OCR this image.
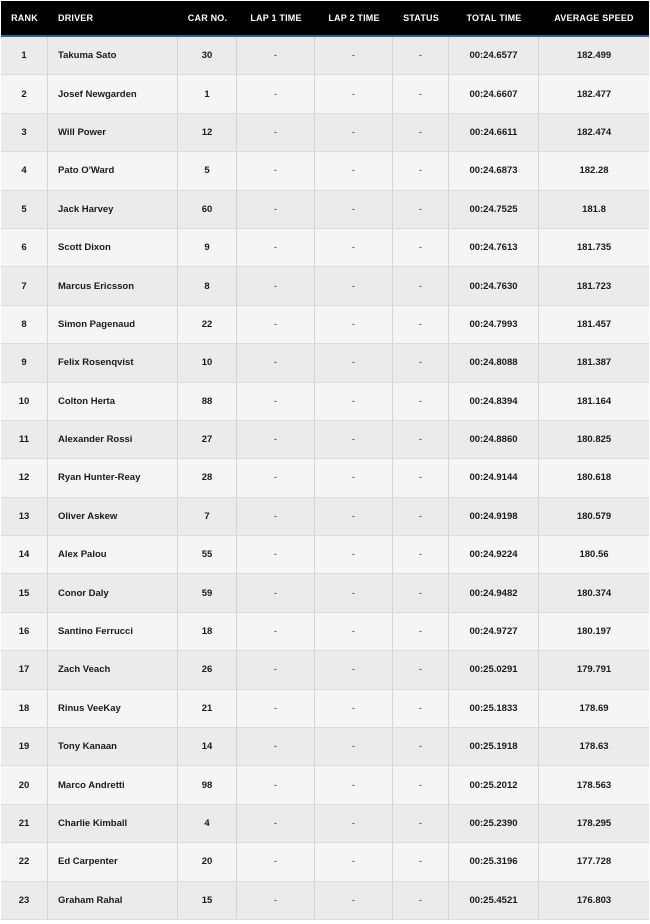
RANK	DRIVER	CAR NO.	LAP 1 TIME	LAP 2 TIME	STATUS	TOTAL TIME	AVERAGE SPEED
1	Takuma Sato	30	-	-	-	00:24.6577	182.499
2	Josef Newgarden	1	-	-	-	00:24.6607	182.477
3	Will Power	12	-	-	-	00:24.6611	182.474
4	Pato O'Ward	5	-	-	-	00:24.6873	182.28
5	Jack Harvey	60	-	-	-	00:24.7525	181.8
6	Scott Dixon	9	-	-	-	00:24.7613	181.735
7	Marcus Ericsson	8	-	-	-	00:24.7630	181.723
8	Simon Pagenaud	22	-	-	-	00:24.7993	181.457
9	Felix Rosenqvist	10	-	-	-	00:24.8088	181.387
10	Colton Herta	88	-	-	-	00:24.8394	181.164
11	Alexander Rossi	27	-	-	-	00:24.8860	180.825
12	Ryan Hunter-Reay	28	-	-	-	00:24.9144	180.618
13	Oliver Askew	7	-	-	-	00:24.9198	180.579
14	Alex Palou	55	-	-	-	00:24.9224	180.56
15	Conor Daly	59	-	-	-	00:24.9482	180.374
16	Santino Ferrucci	18	-	-	-	00:24.9727	180.197
17	Zach Veach	26	-	-	-	00:25.0291	179.791
18	Rinus VeeKay	21	-	-	-	00:25.1833	178.69
19	Tony Kanaan	14	-	-	-	00:25.1918	178.63
20	Marco Andretti	98	-	-	-	00:25.2012	178.563
21	Charlie Kimball	4	-	-	-	00:25.2390	178.295
22	Ed Carpenter	20	-	-	-	00:25.3196	177.728
23	Graham Rahal	15	-	-	-	00:25.4521	176.803
